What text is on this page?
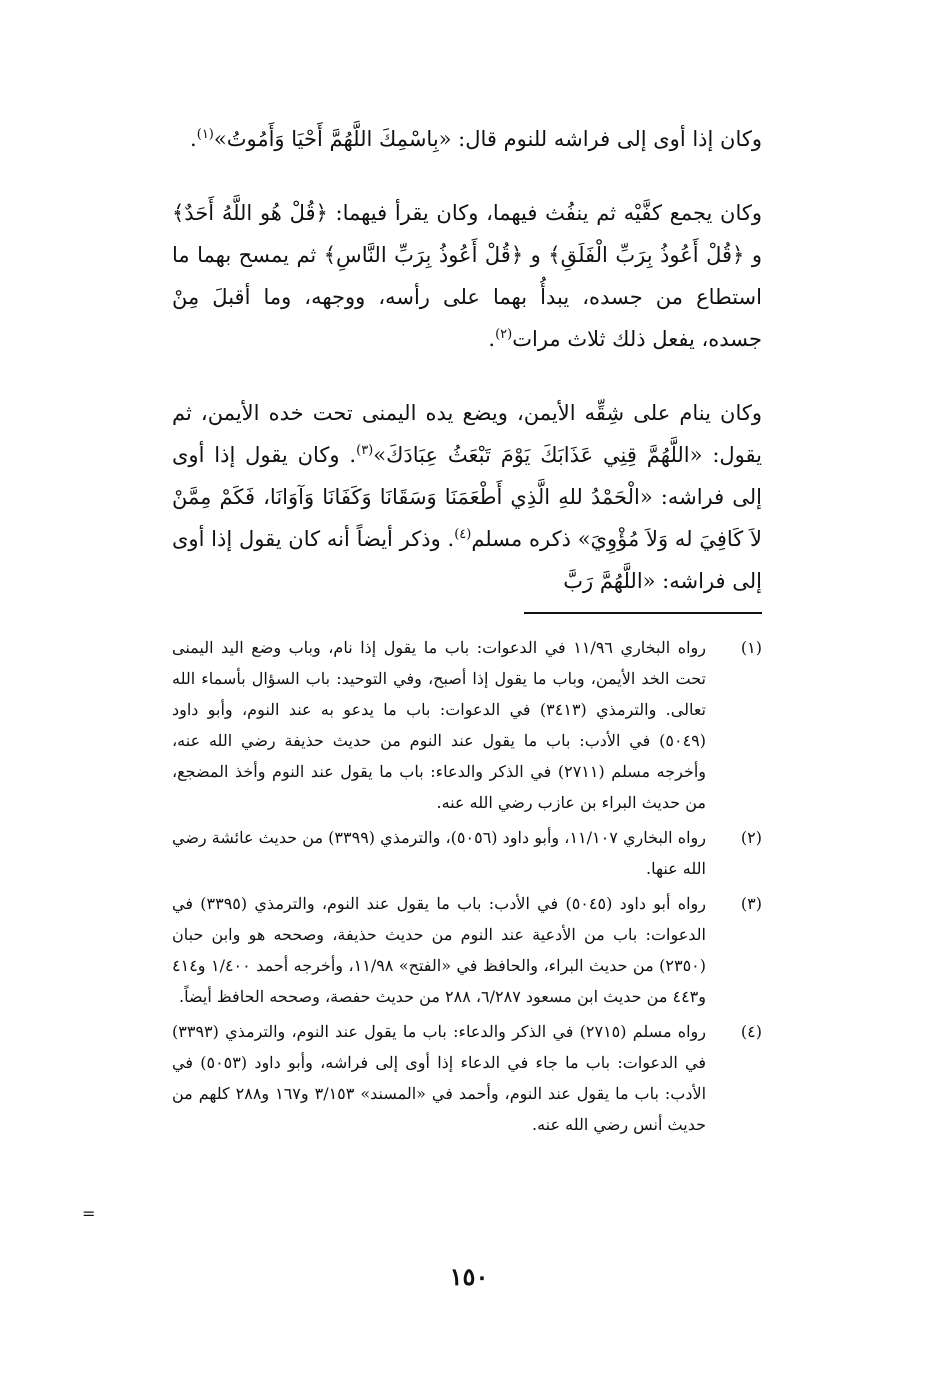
وكان إذا أوى إلى فراشه للنوم قال: «بِاسْمِكَ اللَّهُمَّ أَحْيَا وَأَمُوتُ»$^{(١)}$.

وكان يجمع كفَّيْه ثم ينفُث فيهما، وكان يقرأ فيهما: ﴿قُلْ هُو اللَّهُ أَحَدٌ﴾ و ﴿قُلْ أَعُوذُ بِرَبِّ الْفَلَقِ﴾ و ﴿قُلْ أَعُوذُ بِرَبِّ النَّاسِ﴾ ثم يمسح بهما ما استطاع من جسده، يبدأُ بهما على رأسه، ووجهه، وما أقبلَ مِنْ جسده، يفعل ذلك ثلاث مرات$^{(٢)}$.

وكان ينام على شِقِّه الأيمن، ويضع يده اليمنى تحت خده الأيمن، ثم يقول: «اللَّهُمَّ قِنِي عَذَابَكَ يَوْمَ تَبْعَثُ عِبَادَكَ»$^{(٣)}$. وكان يقول إذا أوى إلى فراشه: «الْحَمْدُ للهِ الَّذِي أَطْعَمَنَا وَسَقَانَا وَكَفَانَا وَآوَانَا، فَكَمْ مِمَّنْ لاَ كَافِيَ له وَلاَ مُؤْوِيَ» ذكره مسلم$^{(٤)}$. وذكر أيضاً أنه كان يقول إذا أوى إلى فراشه: «اللَّهُمَّ رَبَّ

(١)
رواه البخاري ١١/٩٦ في الدعوات: باب ما يقول إذا نام، وباب وضع اليد اليمنى تحت الخد الأيمن، وباب ما يقول إذا أصبح، وفي التوحيد: باب السؤال بأسماء الله تعالى. والترمذي (٣٤١٣) في الدعوات: باب ما يدعو به عند النوم، وأبو داود (٥٠٤٩) في الأدب: باب ما يقول عند النوم من حديث حذيفة رضي الله عنه، وأخرجه مسلم (٢٧١١) في الذكر والدعاء: باب ما يقول عند النوم وأخذ المضجع، من حديث البراء بن عازب رضي الله عنه.
(٢)
رواه البخاري ١١/١٠٧، وأبو داود (٥٠٥٦)، والترمذي (٣٣٩٩) من حديث عائشة رضي الله عنها.
(٣)
رواه أبو داود (٥٠٤٥) في الأدب: باب ما يقول عند النوم، والترمذي (٣٣٩٥) في الدعوات: باب من الأدعية عند النوم من حديث حذيفة، وصححه هو وابن حبان (٢٣٥٠) من حديث البراء، والحافظ في «الفتح» ١١/٩٨، وأخرجه أحمد ١/٤٠٠ و٤١٤ و٤٤٣ من حديث ابن مسعود ٦/٢٨٧، ٢٨٨ من حديث حفصة، وصححه الحافظ أيضاً.
(٤)
رواه مسلم (٢٧١٥) في الذكر والدعاء: باب ما يقول عند النوم، والترمذي (٣٣٩٣) في الدعوات: باب ما جاء في الدعاء إذا أوى إلى فراشه، وأبو داود (٥٠٥٣) في الأدب: باب ما يقول عند النوم، وأحمد في «المسند» ٣/١٥٣ و١٦٧ و٢٨٨ كلهم من حديث أنس رضي الله عنه.
=
١٥٠
